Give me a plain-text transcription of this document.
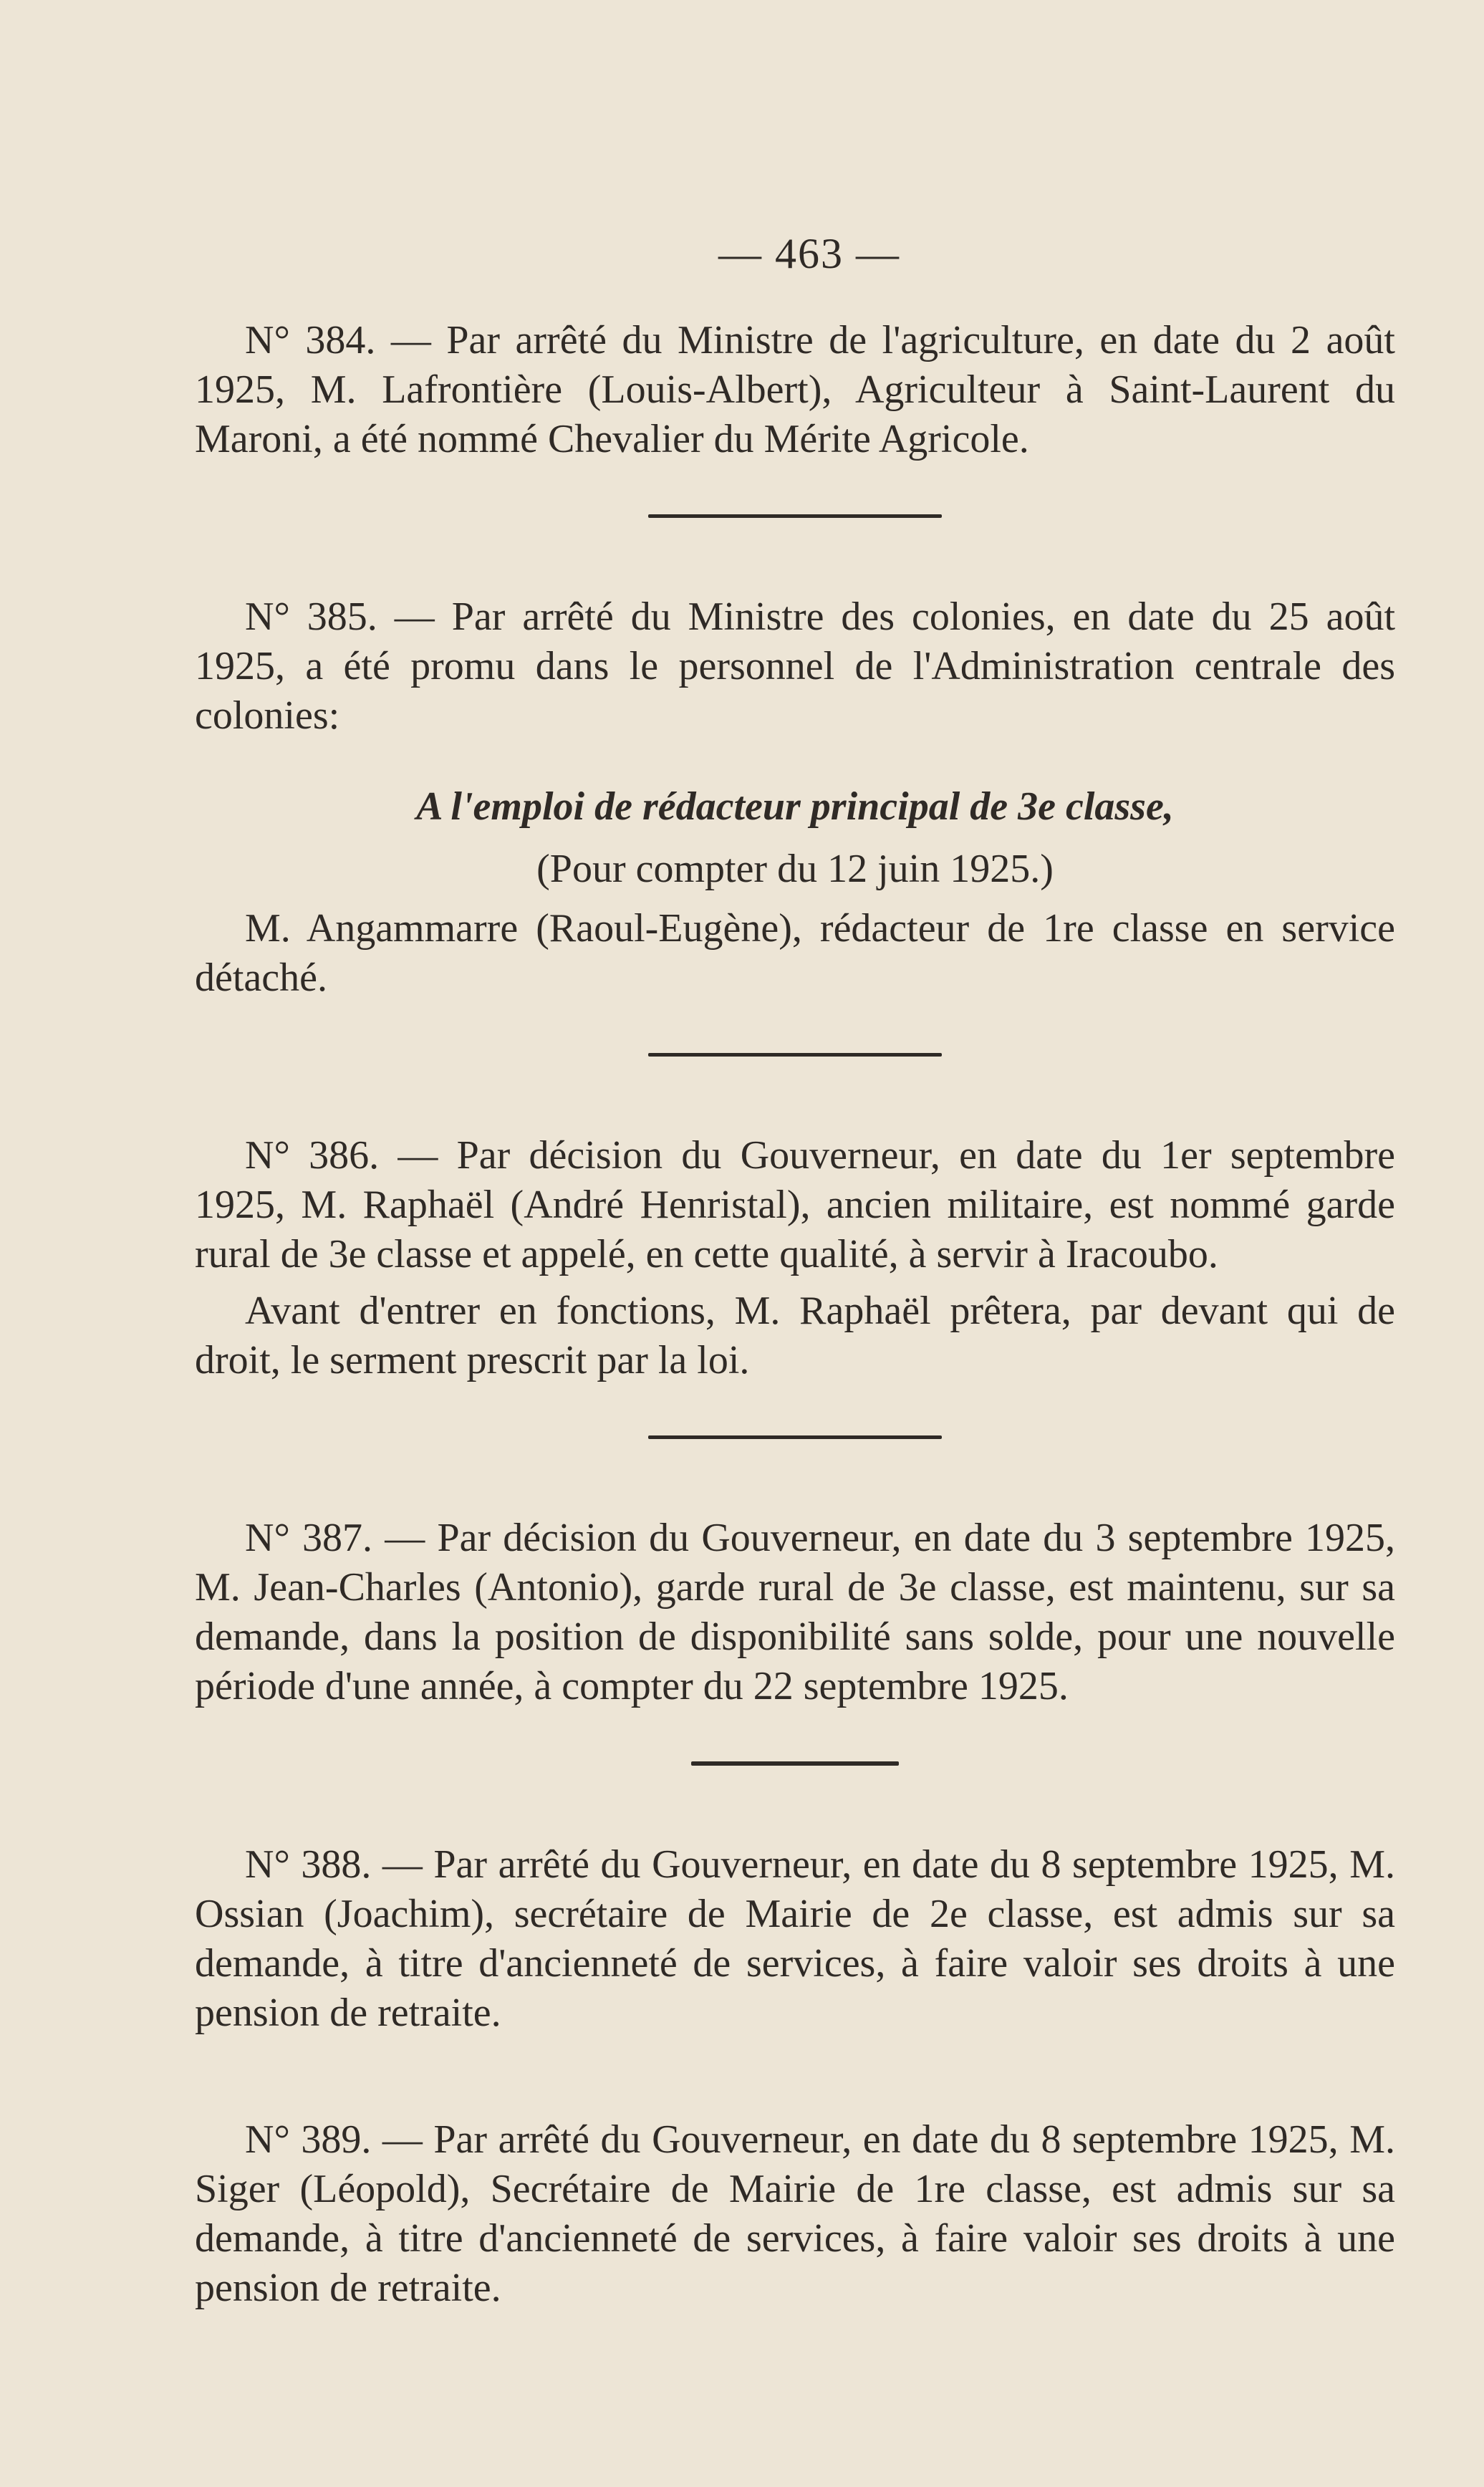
— 463 —

N° 384. — Par arrêté du Ministre de l'agriculture, en date du 2 août 1925, M. Lafrontière (Louis-Albert), Agriculteur à Saint-Laurent du Maroni, a été nommé Chevalier du Mérite Agricole.

N° 385. — Par arrêté du Ministre des colonies, en date du 25 août 1925, a été promu dans le personnel de l'Administration centrale des colonies:

A l'emploi de rédacteur principal de 3e classe,

(Pour compter du 12 juin 1925.)

M. Angammarre (Raoul-Eugène), rédacteur de 1re classe en service détaché.

N° 386. — Par décision du Gouverneur, en date du 1er septembre 1925, M. Raphaël (André Henristal), ancien militaire, est nommé garde rural de 3e classe et appelé, en cette qualité, à servir à Iracoubo.

Avant d'entrer en fonctions, M. Raphaël prêtera, par devant qui de droit, le serment prescrit par la loi.

N° 387. — Par décision du Gouverneur, en date du 3 septembre 1925, M. Jean-Charles (Antonio), garde rural de 3e classe, est maintenu, sur sa demande, dans la position de disponibilité sans solde, pour une nouvelle période d'une année, à compter du 22 septembre 1925.

N° 388. — Par arrêté du Gouverneur, en date du 8 septembre 1925, M. Ossian (Joachim), secrétaire de Mairie de 2e classe, est admis sur sa demande, à titre d'ancienneté de services, à faire valoir ses droits à une pension de retraite.

N° 389. — Par arrêté du Gouverneur, en date du 8 septembre 1925, M. Siger (Léopold), Secrétaire de Mairie de 1re classe, est admis sur sa demande, à titre d'ancienneté de services, à faire valoir ses droits à une pension de retraite.
